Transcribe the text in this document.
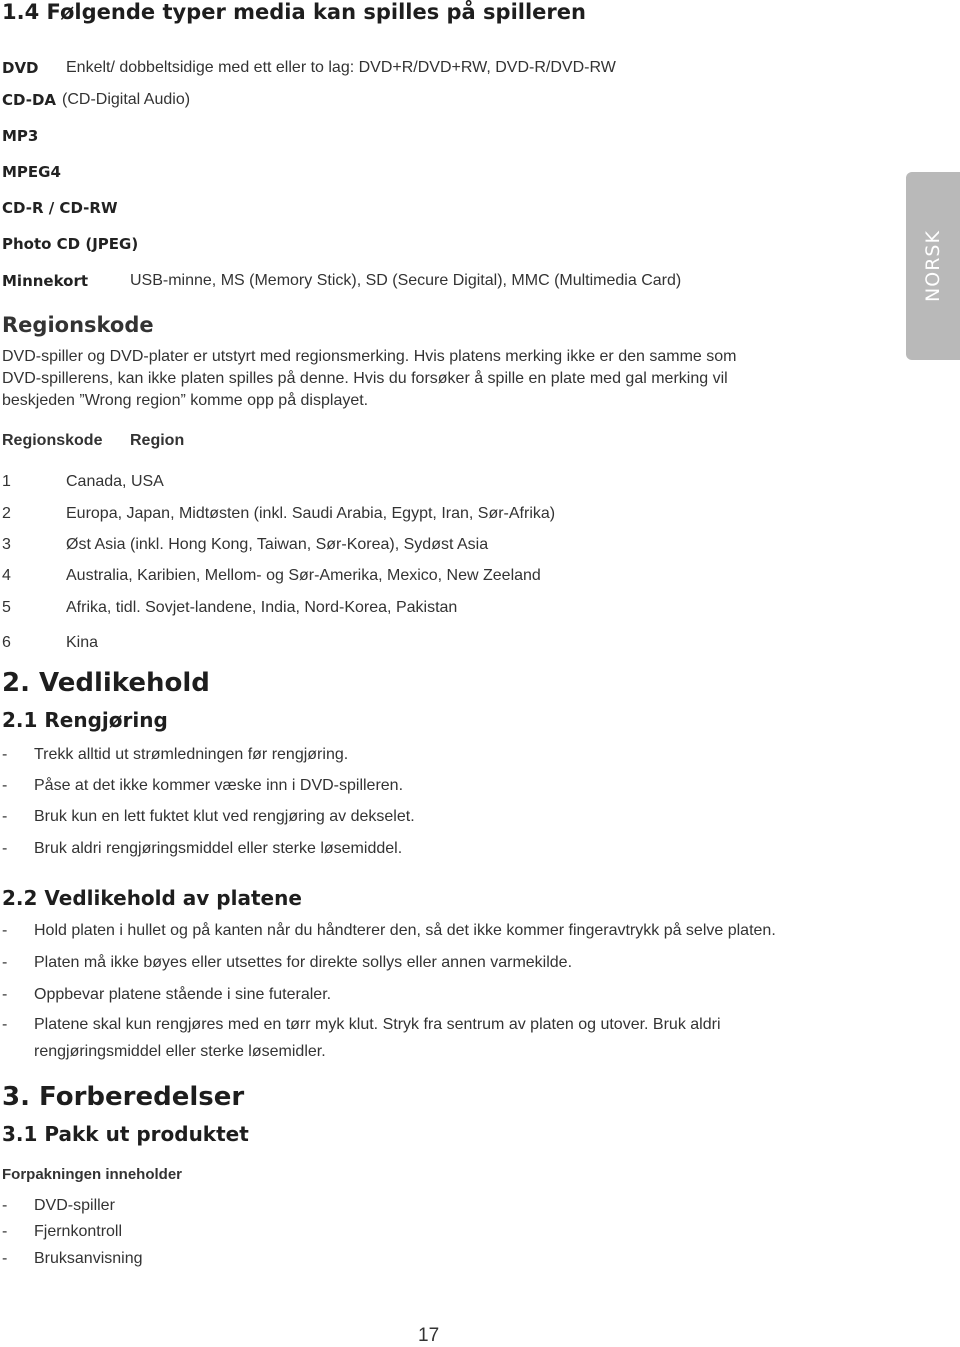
1.4 Følgende typer media kan spilles på spilleren
DVD Enkelt/ dobbeltsidige med ett eller to lag: DVD+R/DVD+RW, DVD-R/DVD-RW
CD-DA (CD-Digital Audio)
MP3
MPEG4
CD-R / CD-RW
Photo CD (JPEG)
Minnekort	USB-minne, MS (Memory Stick), SD (Secure Digital), MMC (Multimedia Card)
Regionskode
DVD-spiller og DVD-plater er utstyrt med regionsmerking. Hvis platens merking ikke er den samme som
DVD-spillerens, kan ikke platen spilles på denne. Hvis du forsøker å spille en plate med gal merking vil
beskjeden ”Wrong region” komme opp på displayet.
Regionskode Region
1	Canada, USA
2	Europa, Japan, Midtøsten (inkl. Saudi Arabia, Egypt, Iran, Sør-Afrika)
3	Øst Asia (inkl. Hong Kong, Taiwan, Sør-Korea), Sydøst Asia
4	Australia, Karibien, Mellom- og Sør-Amerika, Mexico, New Zeeland
5	Afrika, tidl. Sovjet-landene, India, Nord-Korea, Pakistan
6	Kina
2. Vedlikehold
2.1 Rengjøring
- Trekk alltid ut strømledningen før rengjøring.
- Påse at det ikke kommer væske inn i DVD-spilleren.
- Bruk kun en lett fuktet klut ved rengjøring av dekselet.
- Bruk aldri rengjøringsmiddel eller sterke løsemiddel.
2.2 Vedlikehold av platene
- Hold platen i hullet og på kanten når du håndterer den, så det ikke kommer fingeravtrykk på selve platen.
- Platen må ikke bøyes eller utsettes for direkte sollys eller annen varmekilde.
- Oppbevar platene stående i sine futeraler.
- Platene skal kun rengjøres med en tørr myk klut. Stryk fra sentrum av platen og utover. Bruk aldri
rengjøringsmiddel eller sterke løsemidler.
3. Forberedelser
3.1 Pakk ut produktet
Forpakningen inneholder
- DVD-spiller
- Fjernkontroll
- Bruksanvisning
NORSK
17
